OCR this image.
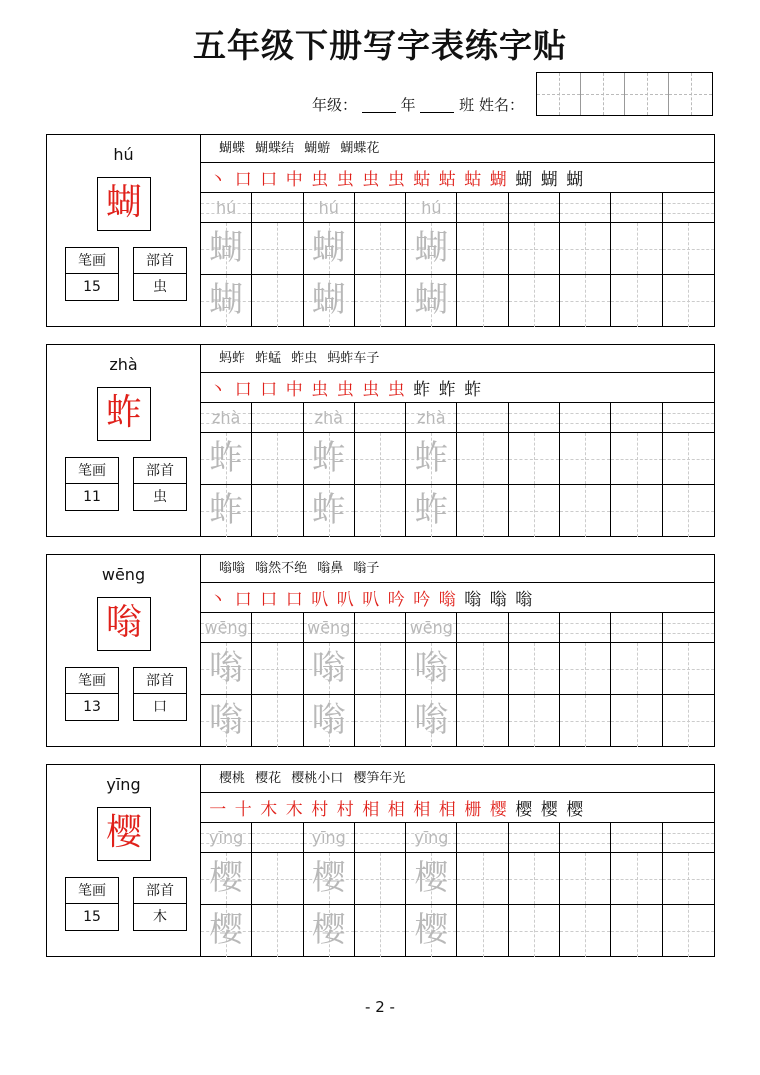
五年级下册写字表练字贴
年级：	年	班 姓名：
hú
蝴
笔画
15
部首
虫
蝴蝶 蝴蝶结 蝴蝣 蝴蝶花
丶 口 口 中 虫 虫 虫 虫 蛄 蛄 蛄 蝴 蝴 蝴 蝴
hú	hú	hú
蝴 蝴 蝴
蝴 蝴 蝴
zhà
蚱
笔画
11
部首
虫
蚂蚱 蚱蜢 蚱虫 蚂蚱车子
丶 口 口 中 虫 虫 虫 虫 蚱 蚱 蚱
zhà	zhà	zhà
蚱 蚱 蚱
蚱 蚱 蚱
wēng
嗡
笔画
13
部首
口
嗡嗡 嗡然不绝 嗡鼻 嗡子
丶 口 口 口 叭 叭 叭 吟 吟 嗡 嗡 嗡 嗡
wēng	wēng	wēng
嗡 嗡 嗡
嗡 嗡 嗡
yīng
樱
笔画
15
部首
木
樱桃 樱花 樱桃小口 樱笋年光
一 十 木 木 村 村 相 相 相 相 栅 樱 樱 樱 樱
yīng	yīng	yīng
樱 樱 樱
樱 樱 樱
- 2 -
